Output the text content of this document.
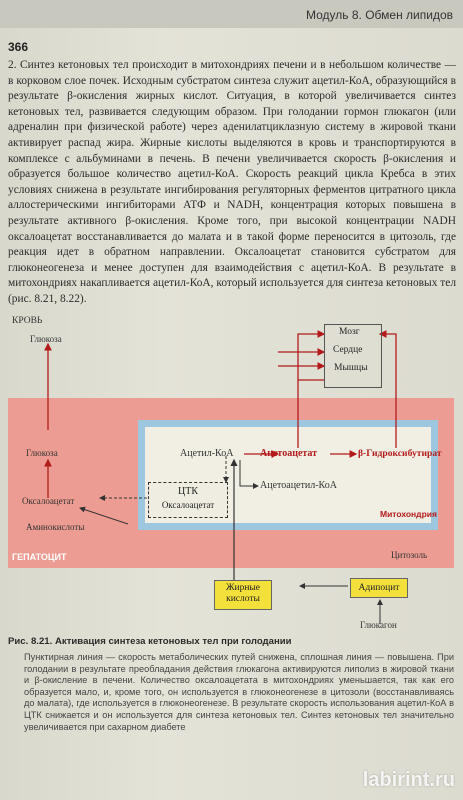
Модуль 8. Обмен липидов
366

2. Синтез кетоновых тел происходит в митохондриях печени и в небольшом количестве — в корковом слое почек. Исходным субстратом синтеза служит ацетил-КоА, образующийся в результате β-окисления жирных кислот. Ситуация, в которой увеличивается синтез кетоновых тел, развивается следующим образом. При голодании гормон глюкагон (или адреналин при физической работе) через аденилатциклазную систему в жировой ткани активирует распад жира. Жирные кислоты выделяются в кровь и транспортируются в комплексе с альбуминами в печень. В печени увеличивается скорость β-окисления и образуется большое количество ацетил-КоА. Скорость реакций цикла Кребса в этих условиях снижена в результате ингибирования регуляторных ферментов цитратного цикла аллостерическими ингибиторами АТФ и NADH, концентрация которых повышена в результате активного β-окисления. Кроме того, при высокой концентрации NADH оксалоацетат восстанавливается до малата и в такой форме переносится в цитозоль, где реакция идет в обратном направлении. Оксалоацетат становится субстратом для глюконеогенеза и менее доступен для взаимодействия с ацетил-КоА. В результате в митохондриях накапливается ацетил-КоА, который используется для синтеза кетоновых тел (рис. 8.21, 8.22).

КРОВЬ
Глюкоза
Глюкоза
Оксалоацетат
Аминокислоты
ГЕПАТОЦИТ	Цитозоль
Митохондрия
Ацетил-КоА	Ацетоацетат	β-Гидроксибутират
Ацетоацетил-КоА
ЦТК
Оксалоацетат
Мозг
Сердце
Мышцы
Жирные
кислоты
Адипоцит
Глюкагон
Рис. 8.21. Активация синтеза кетоновых тел при голодании

Пунктирная линия — скорость метаболических путей снижена, сплошная линия — повышена. При голодании в результате преобладания действия глюкагона активируются липолиз в жировой ткани и β-окисление в печени. Количество оксалоацетата в митохондриях уменьшается, так как его образуется мало, и, кроме того, он используется в глюконеогенезе в цитозоли (восстанавливаясь до малата), где используется в глюконеогенезе. В результате скорость использования ацетил-КоА в ЦТК снижается и он используется для синтеза кетоновых тел. Синтез кетоновых тел значительно увеличивается при сахарном диабете

labirint.ru
